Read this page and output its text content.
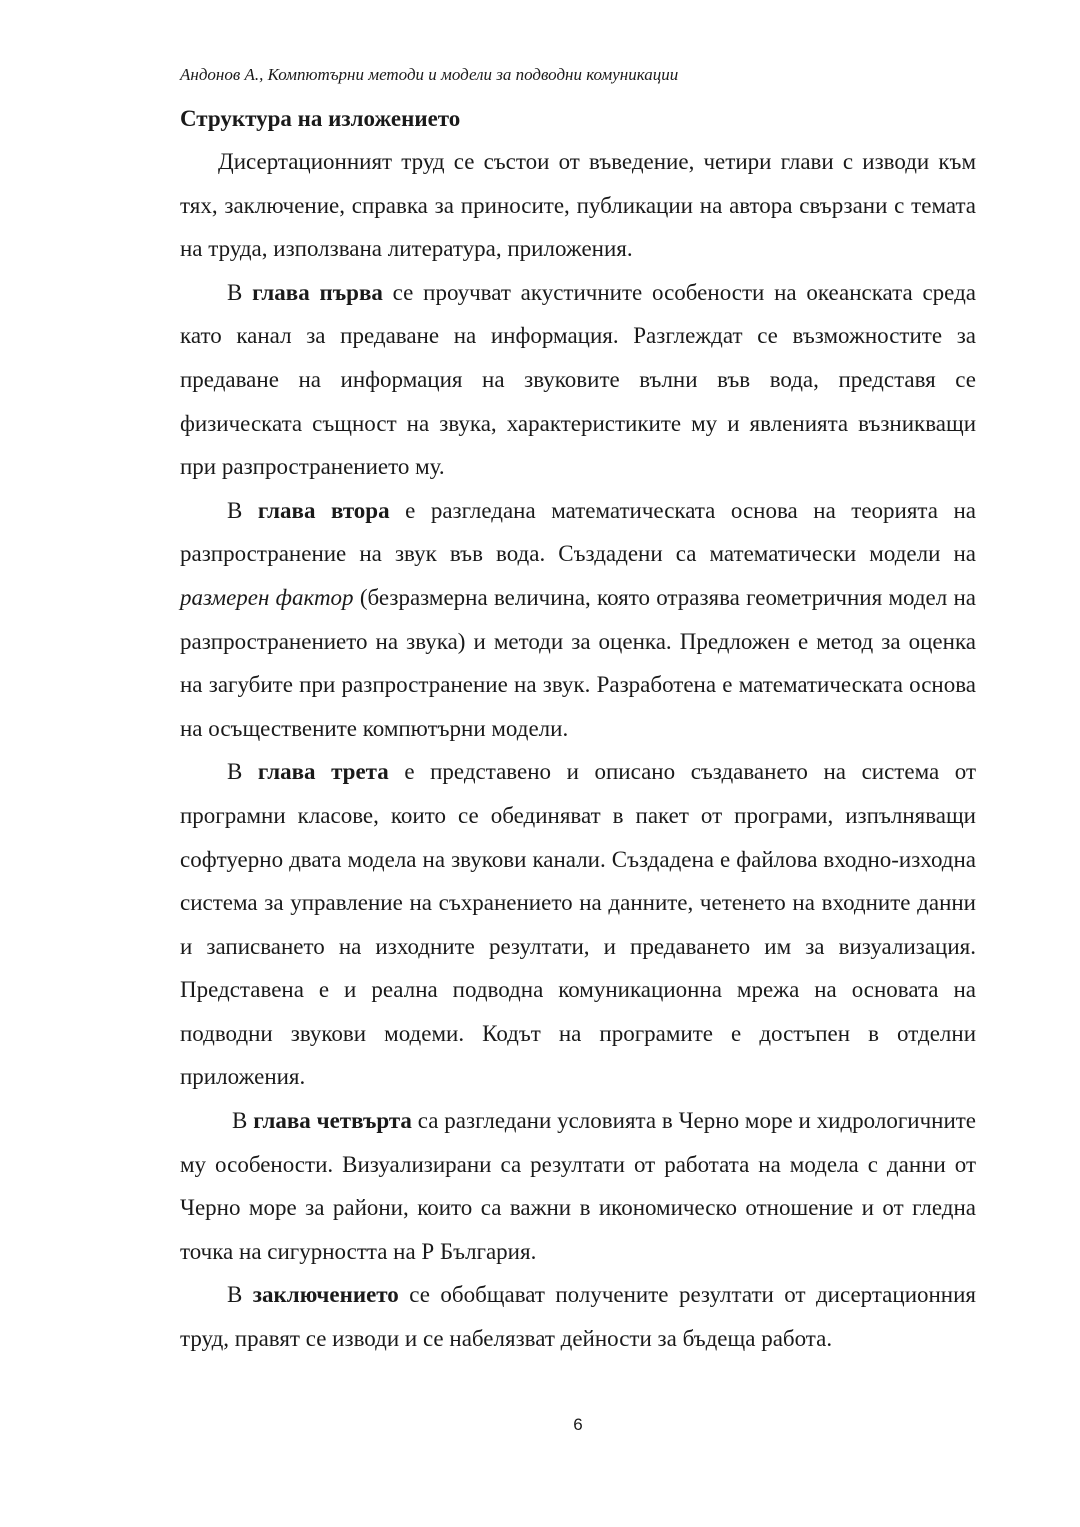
Андонов А., Компютърни методи и модели за подводни комуникации
Структура на изложението

Дисертационният труд се състои от въведение, четири глави с изводи към тях, заключение, справка за приносите, публикации на автора свързани с темата на труда, използвана литература, приложения.

В глава първа се проучват акустичните особености на океанската среда като канал за предаване на информация. Разглеждат се възможностите за предаване на информация на звуковите вълни във вода, представя се физическата същност на звука, характеристиките му и явленията възникващи при разпространението му.

В глава втора е разгледана математическата основа на теорията на разпространение на звук във вода. Създадени са математически модели на размерен фактор (безразмерна величина, която отразява геометричния модел на разпространението на звука) и методи за оценка. Предложен е метод за оценка на загубите при разпространение на звук. Разработена е математическата основа на осъществените компютърни модели.

В глава трета е представено и описано създаването на система от програмни класове, които се обединяват в пакет от програми, изпълняващи софтуерно двата модела на звукови канали. Създадена е файлова входно-изходна система за управление на съхранението на данните, четенето на входните данни и записването на изходните резултати, и предаването им за визуализация. Представена е и реална подводна комуникационна мрежа на основата на подводни звукови модеми. Кодът на програмите е достъпен в отделни приложения.

В глава четвърта са разгледани условията в Черно море и хидрологичните му особености. Визуализирани са резултати от работата на модела с данни от Черно море за райони, които са важни в икономическо отношение и от гледна точка на сигурността на Р България.

В заключението се обобщават получените резултати от дисертационния труд, правят се изводи и се набелязват дейности за бъдеща работа.

6
